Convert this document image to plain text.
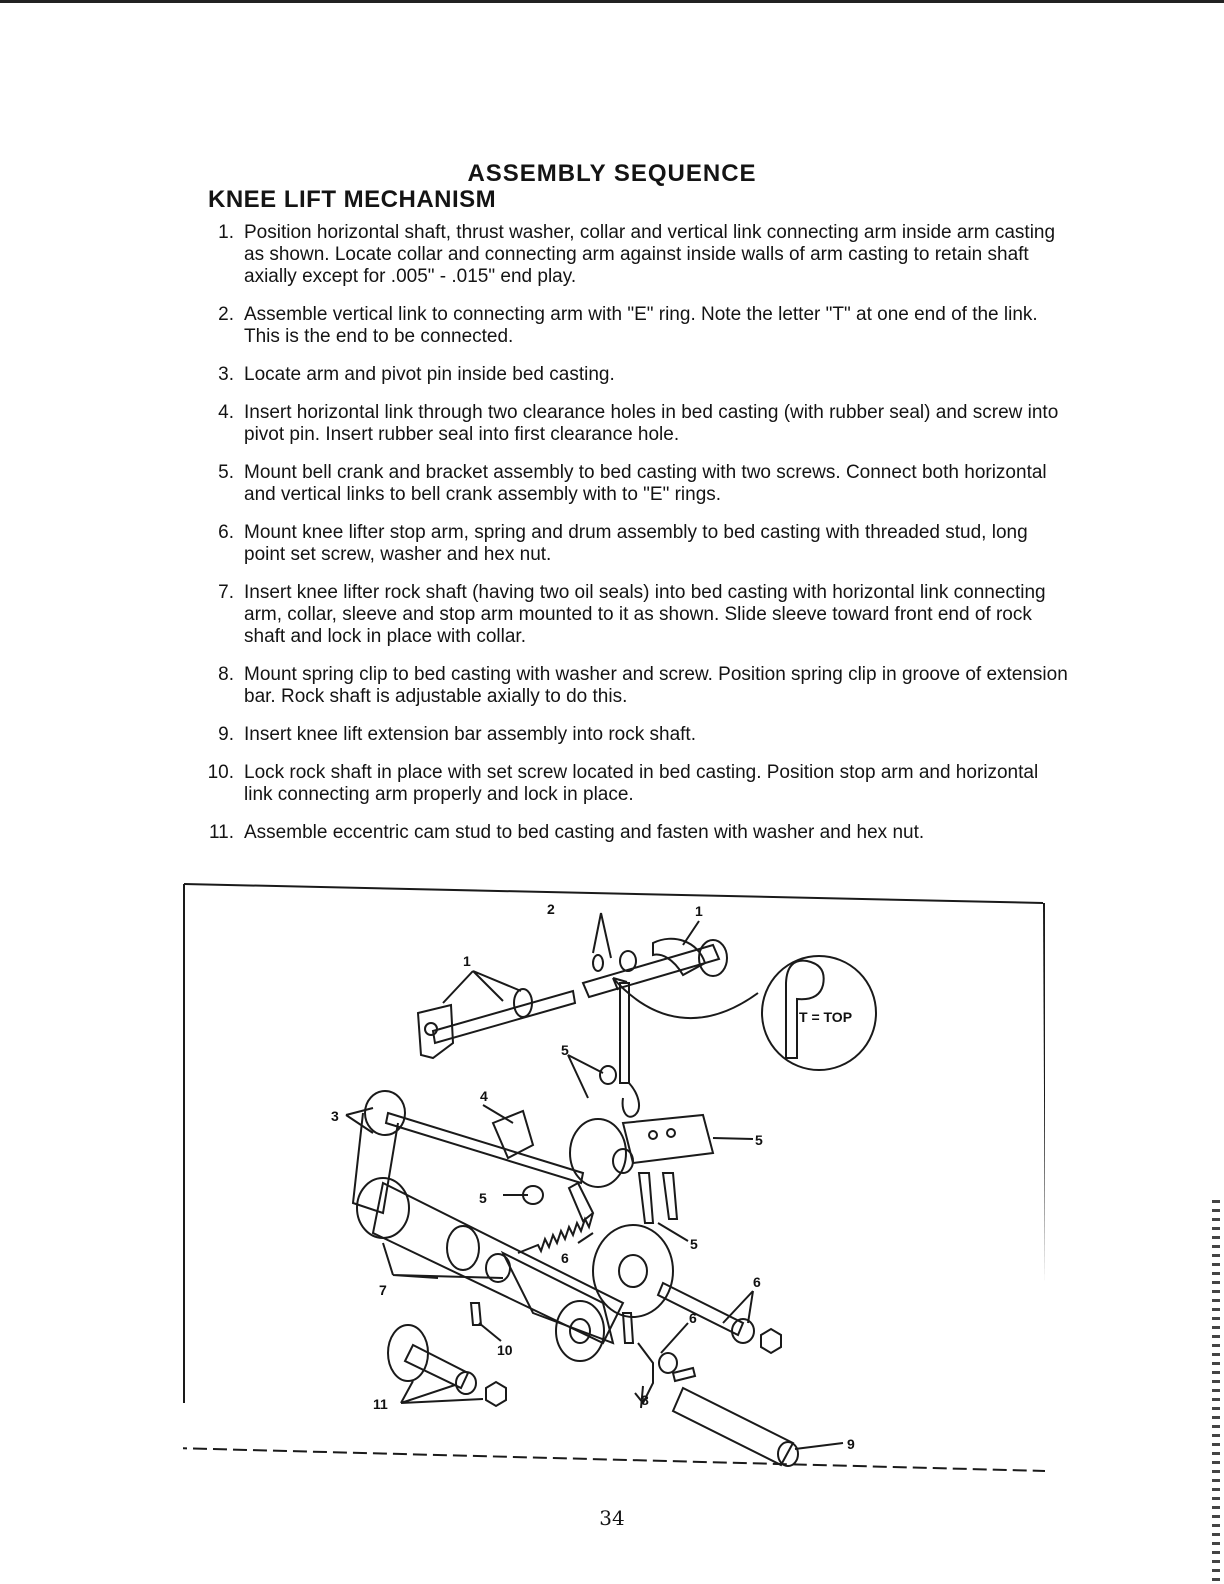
ASSEMBLY SEQUENCE
KNEE LIFT MECHANISM
1. Position horizontal shaft, thrust washer, collar and vertical link connecting arm inside arm casting as shown. Locate collar and connecting arm against inside walls of arm casting to retain shaft axially except for .005" - .015" end play.
2. Assemble vertical link to connecting arm with "E" ring. Note the letter "T" at one end of the link. This is the end to be connected.
3. Locate arm and pivot pin inside bed casting.
4. Insert horizontal link through two clearance holes in bed casting (with rubber seal) and screw into pivot pin. Insert rubber seal into first clearance hole.
5. Mount bell crank and bracket assembly to bed casting with two screws. Connect both horizontal and vertical links to bell crank assembly with to "E" rings.
6. Mount knee lifter stop arm, spring and drum assembly to bed casting with threaded stud, long point set screw, washer and hex nut.
7. Insert knee lifter rock shaft (having two oil seals) into bed casting with horizontal link connecting arm, collar, sleeve and stop arm mounted to it as shown. Slide sleeve toward front end of rock shaft and lock in place with collar.
8. Mount spring clip to bed casting with washer and screw. Position spring clip in groove of extension bar. Rock shaft is adjustable axially to do this.
9. Insert knee lift extension bar assembly into rock shaft.
10. Lock rock shaft in place with set screw located in bed casting. Position stop arm and horizontal link connecting arm properly and lock in place.
11. Assemble eccentric cam stud to bed casting and fasten with washer and hex nut.
2	1
1
5
4
3
5
5
5
6
6
6
7
10
8
11
9
T = TOP
34
